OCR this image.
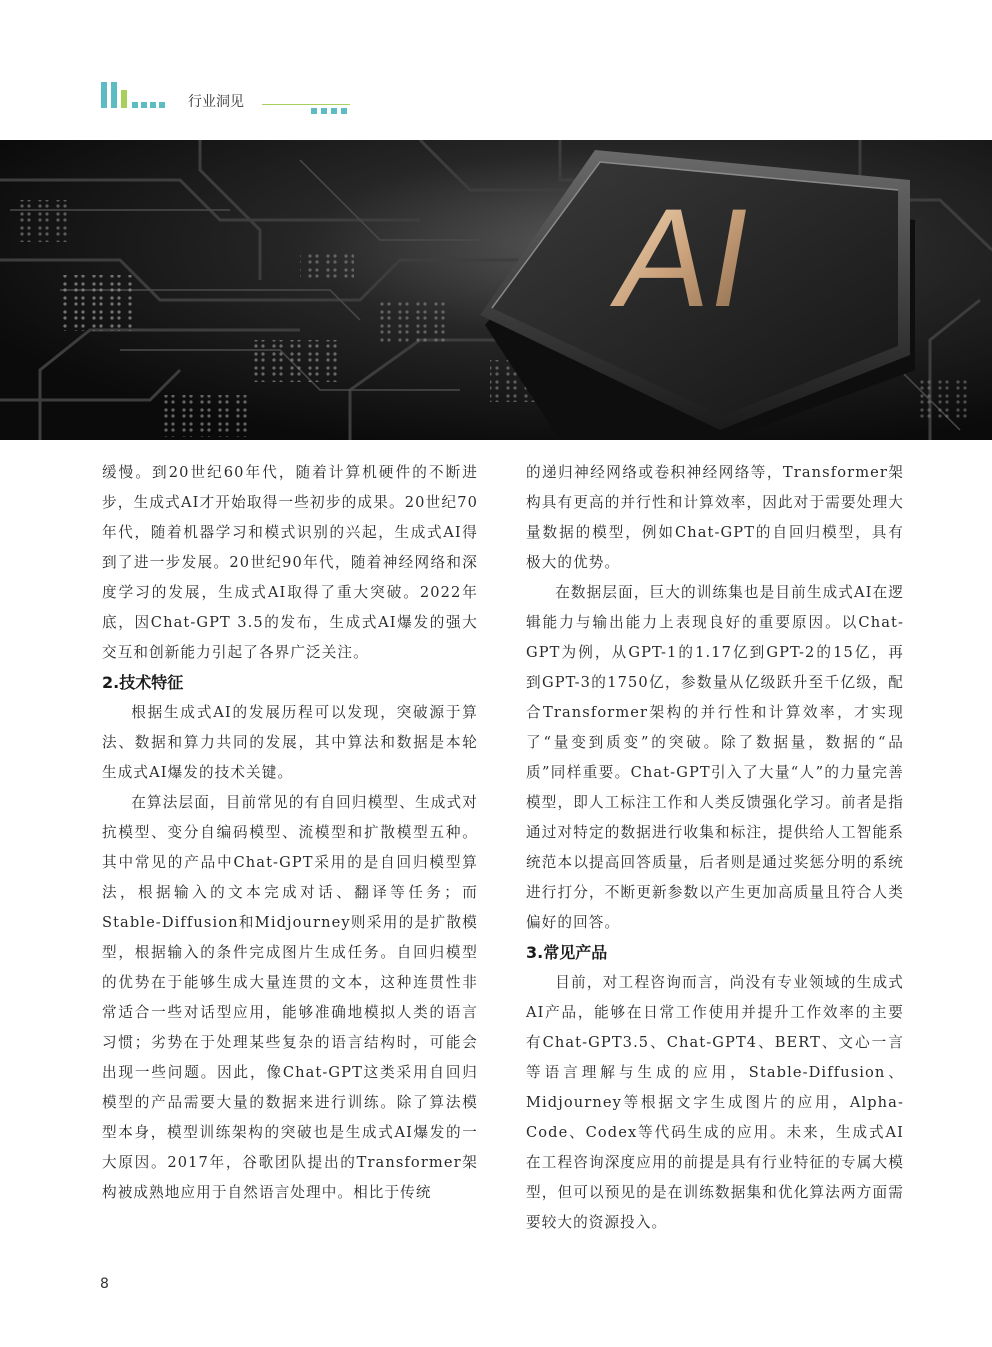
行业洞见
AI

缓慢。到20世纪60年代，随着计算机硬件的不断进步，生成式AI才开始取得一些初步的成果。20世纪70年代，随着机器学习和模式识别的兴起，生成式AI得到了进一步发展。20世纪90年代，随着神经网络和深度学习的发展，生成式AI取得了重大突破。2022年底，因Chat-GPT 3.5的发布，生成式AI爆发的强大交互和创新能力引起了各界广泛关注。

2.技术特征

根据生成式AI的发展历程可以发现，突破源于算法、数据和算力共同的发展，其中算法和数据是本轮生成式AI爆发的技术关键。

在算法层面，目前常见的有自回归模型、生成式对抗模型、变分自编码模型、流模型和扩散模型五种。其中常见的产品中Chat-GPT采用的是自回归模型算法，根据输入的文本完成对话、翻译等任务；而Stable-Diffusion和Midjourney则采用的是扩散模型，根据输入的条件完成图片生成任务。自回归模型的优势在于能够生成大量连贯的文本，这种连贯性非常适合一些对话型应用，能够准确地模拟人类的语言习惯；劣势在于处理某些复杂的语言结构时，可能会出现一些问题。因此，像Chat-GPT这类采用自回归模型的产品需要大量的数据来进行训练。除了算法模型本身，模型训练架构的突破也是生成式AI爆发的一大原因。2017年，谷歌团队提出的Transformer架构被成熟地应用于自然语言处理中。相比于传统

的递归神经网络或卷积神经网络等，Transformer架构具有更高的并行性和计算效率，因此对于需要处理大量数据的模型，例如Chat-GPT的自回归模型，具有极大的优势。

在数据层面，巨大的训练集也是目前生成式AI在逻辑能力与输出能力上表现良好的重要原因。以Chat-GPT为例，从GPT-1的1.17亿到GPT-2的15亿，再到GPT-3的1750亿，参数量从亿级跃升至千亿级，配合Transformer架构的并行性和计算效率，才实现了“量变到质变”的突破。除了数据量，数据的“品质”同样重要。Chat-GPT引入了大量“人”的力量完善模型，即人工标注工作和人类反馈强化学习。前者是指通过对特定的数据进行收集和标注，提供给人工智能系统范本以提高回答质量，后者则是通过奖惩分明的系统进行打分，不断更新参数以产生更加高质量且符合人类偏好的回答。

3.常见产品

目前，对工程咨询而言，尚没有专业领域的生成式AI产品，能够在日常工作使用并提升工作效率的主要有Chat-GPT3.5、Chat-GPT4、BERT、文心一言等语言理解与生成的应用，Stable-Diffusion、Midjourney等根据文字生成图片的应用，Alpha-Code、Codex等代码生成的应用。未来，生成式AI在工程咨询深度应用的前提是具有行业特征的专属大模型，但可以预见的是在训练数据集和优化算法两方面需要较大的资源投入。

8
